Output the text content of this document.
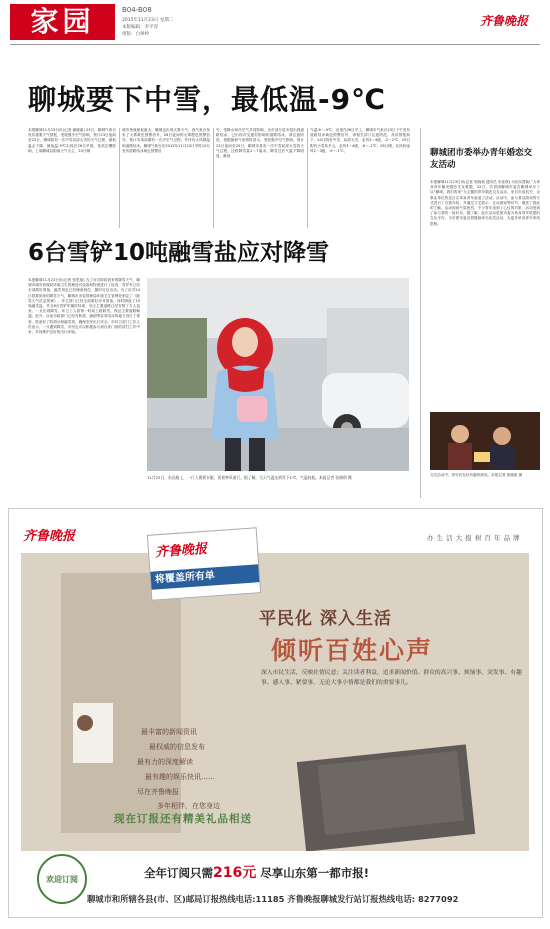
家园	B04-B08
2015年11月23日 星期二
本版编辑：李平容
组版：白翠婷
齐鲁晚报
聊城要下中雪，最低温-9℃
本报聊城11月23日讯(记者 谢晓丽) 23日，聊城气象台发布重要天气预报，受较强冷空气影响，预计23日夜间至25日，聊城将有一次中雪局部大雪的天气过程，最低温会下降，最低温-9℃出现在26日早晨。受高空槽影响，上周聊城以阴雨天气为主，20日聊
城市物流最低最大，聊城也出现大雾天气，西气象台发布了大雾黄色预警信号，26日夜间的大雾橙色预警信号。预计本周前期有一次冷空气过程，并伴有大风降温和道路结冰，聊城气象台在2015年11月23日早时10分发布道路结冰黄色预警信
号，受降水和冷空气共同影响，全市部分县市将出现道路结冰，已出现对交通有影响的道路结冰，请注意防范。根据最新气象资料显示，受较强冷空气影响，预计23日夜间至25日，聊城市将有一次中雪局部大雪的天气过程，过程降雪量2～7毫米，降雪过后气温下降明显，最低
气温-6～-9℃，出现在26日早上，聊城市气象台23日下午发布道路结冰黄色预警信号，请相关部门注意防范，具体预报如下：24日阴有中雪，局部大雪，北风3～4级，-2～2℃；25日阴有小雪转多云，北风3～4级，-6～-1℃；26日晴，北风转南风2～3级，-9～-1℃。
6台雪铲10吨融雪盐应对降雪
本报聊城11月23日讯(记者 张思旭) 为了应对即将到来的降雪天气，聊城市城市管理局环境卫生管理处对设备和物资进行了检查，雪铲车已经全部做好准备，融雪剂也已经储备到位，随时可以出动。为了应对24日将要到来的降雪天气，聊城市市容管理局环境卫生管理处制定了《除雪天气应急预案》，环卫部门已经全部做好应对准备，同时储备了10吨融雪盐，并且6台雪铲车随时待命。市区主要道路已经安排了专人巡查，一旦出现降雪，环卫工人将第一时间上路除雪，保证主要道路畅通。此外，目前市政部门已经对桥梁、涵洞等容易结冰的地方进行了排查，准备好了防滑沙和融雪剂，确保市民出行安全。市环卫部门工作人员表示，一旦遇到降雪，市民也可以积极参与到自家门前的清扫工作中来，共同维护良好的出行环境。
11月23日，东昌路上，一行人裹紧衣服，顶着寒风前行。据了解，当天气温达到零下1℃，气温较低。本报记者 张晓琪 摄
聊城团市委举办青年婚恋交友活动
本报聊城11月23日讯(记者 郭晓欢 通讯员 宋佳琪) 为切实帮助广大单身青年解决婚恋交友难题，22日，共青团聊城市委在聊城举办了以“聊城，我们的家”为主题的青年婚恋交友活动，来自市直机关、企事业单位的近百名单身青年参加了活动。活动中，参与者以游戏的方式进行了自我介绍，并通过才艺展示、互动游戏等环节，增进了彼此的了解。活动现场气氛热烈，不少青年找到了心仪的对象，活动受到了参与者的一致好评。据了解，此次活动是团市委为单身青年搭建的交友平台，今后团市委还将继续举办此类活动，为更多单身青年牵线搭桥。
交友活动中，青年们在玩有趣的游戏。本报记者 郭晓欢 摄
齐鲁晚报	办 生 活 大 报 树 百 年 品 牌
齐鲁晚报
将覆盖所有单
平民化 深入生活
倾听百姓心声
深入市民生活，反映社情民意；关注读者利益，追求新闻价值。群众的高兴事、烦恼事、突发事、有趣事、感人事、紧要事，无论大事小情都是我们的重要事儿。
最丰富的新闻资讯
最权威的信息发布
最有力的深度解读
最有趣的娱乐快讯……
尽在齐鲁晚报
多年相伴，在您身边
现在订报还有精美礼品相送
欢迎订阅	全年订阅只需216元 尽享山东第一都市报!
聊城市和所辖各县(市、区)邮局订报热线电话:11185 齐鲁晚报聊城发行站订报热线电话: 8277092
